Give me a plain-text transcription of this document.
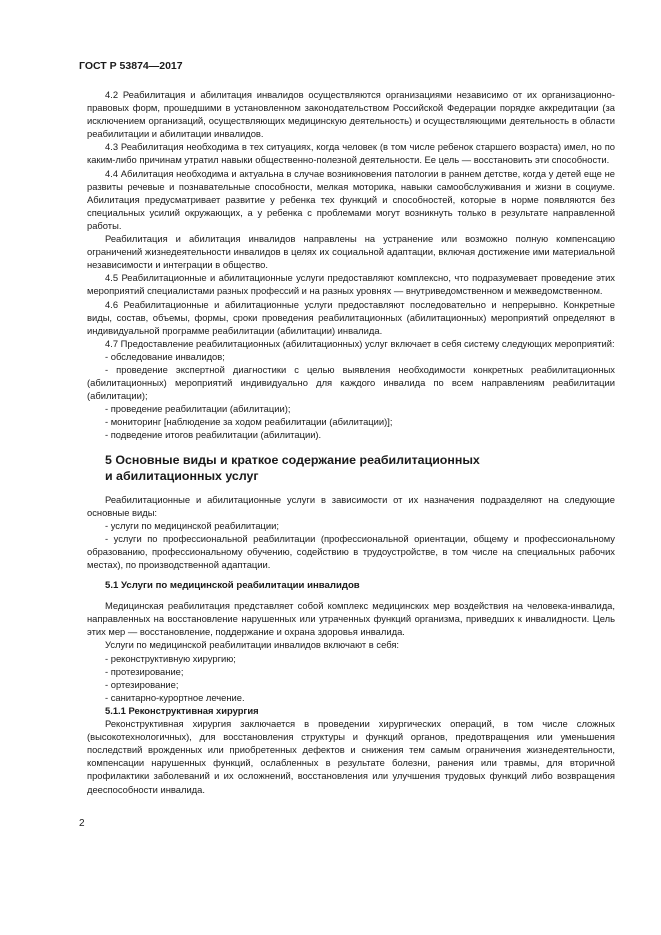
ГОСТ Р 53874—2017

4.2 Реабилитация и абилитация инвалидов осуществляются организациями независимо от их организационно-правовых форм, прошедшими в установленном законодательством Российской Федерации порядке аккредитации (за исключением организаций, осуществляющих медицинскую деятельность) и осуществляющими деятельность в области реабилитации и абилитации инвалидов.

4.3 Реабилитация необходима в тех ситуациях, когда человек (в том числе ребенок старшего возраста) имел, но по каким-либо причинам утратил навыки общественно-полезной деятельности. Ее цель — восстановить эти способности.

4.4 Абилитация необходима и актуальна в случае возникновения патологии в раннем детстве, когда у детей еще не развиты речевые и познавательные способности, мелкая моторика, навыки самообслуживания и жизни в социуме. Абилитация предусматривает развитие у ребенка тех функций и способностей, которые в норме появляются без специальных усилий окружающих, а у ребенка с проблемами могут возникнуть только в результате направленной работы.

Реабилитация и абилитация инвалидов направлены на устранение или возможно полную компенсацию ограничений жизнедеятельности инвалидов в целях их социальной адаптации, включая достижение ими материальной независимости и интеграции в общество.

4.5 Реабилитационные и абилитационные услуги предоставляют комплексно, что подразумевает проведение этих мероприятий специалистами разных профессий и на разных уровнях — внутриведомственном и межведомственном.

4.6 Реабилитационные и абилитационные услуги предоставляют последовательно и непрерывно. Конкретные виды, состав, объемы, формы, сроки проведения реабилитационных (абилитационных) мероприятий определяют в индивидуальной программе реабилитации (абилитации) инвалида.

4.7 Предоставление реабилитационных (абилитационных) услуг включает в себя систему следующих мероприятий:

- обследование инвалидов;

- проведение экспертной диагностики с целью выявления необходимости конкретных реабилитационных (абилитационных) мероприятий индивидуально для каждого инвалида по всем направлениям реабилитации (абилитации);

- проведение реабилитации (абилитации);

- мониторинг [наблюдение за ходом реабилитации (абилитации)];

- подведение итогов реабилитации (абилитации).

5 Основные виды и краткое содержание реабилитационных
и абилитационных услуг

Реабилитационные и абилитационные услуги в зависимости от их назначения подразделяют на следующие основные виды:

- услуги по медицинской реабилитации;

- услуги по профессиональной реабилитации (профессиональной ориентации, общему и профессиональному образованию, профессиональному обучению, содействию в трудоустройстве, в том числе на специальных рабочих местах), по производственной адаптации.

5.1 Услуги по медицинской реабилитации инвалидов

Медицинская реабилитация представляет собой комплекс медицинских мер воздействия на человека-инвалида, направленных на восстановление нарушенных или утраченных функций организма, приведших к инвалидности. Цель этих мер — восстановление, поддержание и охрана здоровья инвалида.

Услуги по медицинской реабилитации инвалидов включают в себя:

- реконструктивную хирургию;

- протезирование;

- ортезирование;

- санитарно-курортное лечение.

5.1.1 Реконструктивная хирургия

Реконструктивная хирургия заключается в проведении хирургических операций, в том числе сложных (высокотехнологичных), для восстановления структуры и функций органов, предотвращения или уменьшения последствий врожденных или приобретенных дефектов и снижения тем самым ограничения жизнедеятельности, компенсации нарушенных функций, ослабленных в результате болезни, ранения или травмы, для вторичной профилактики заболеваний и их осложнений, восстановления или улучшения трудовых функций либо возвращения дееспособности инвалида.

2
